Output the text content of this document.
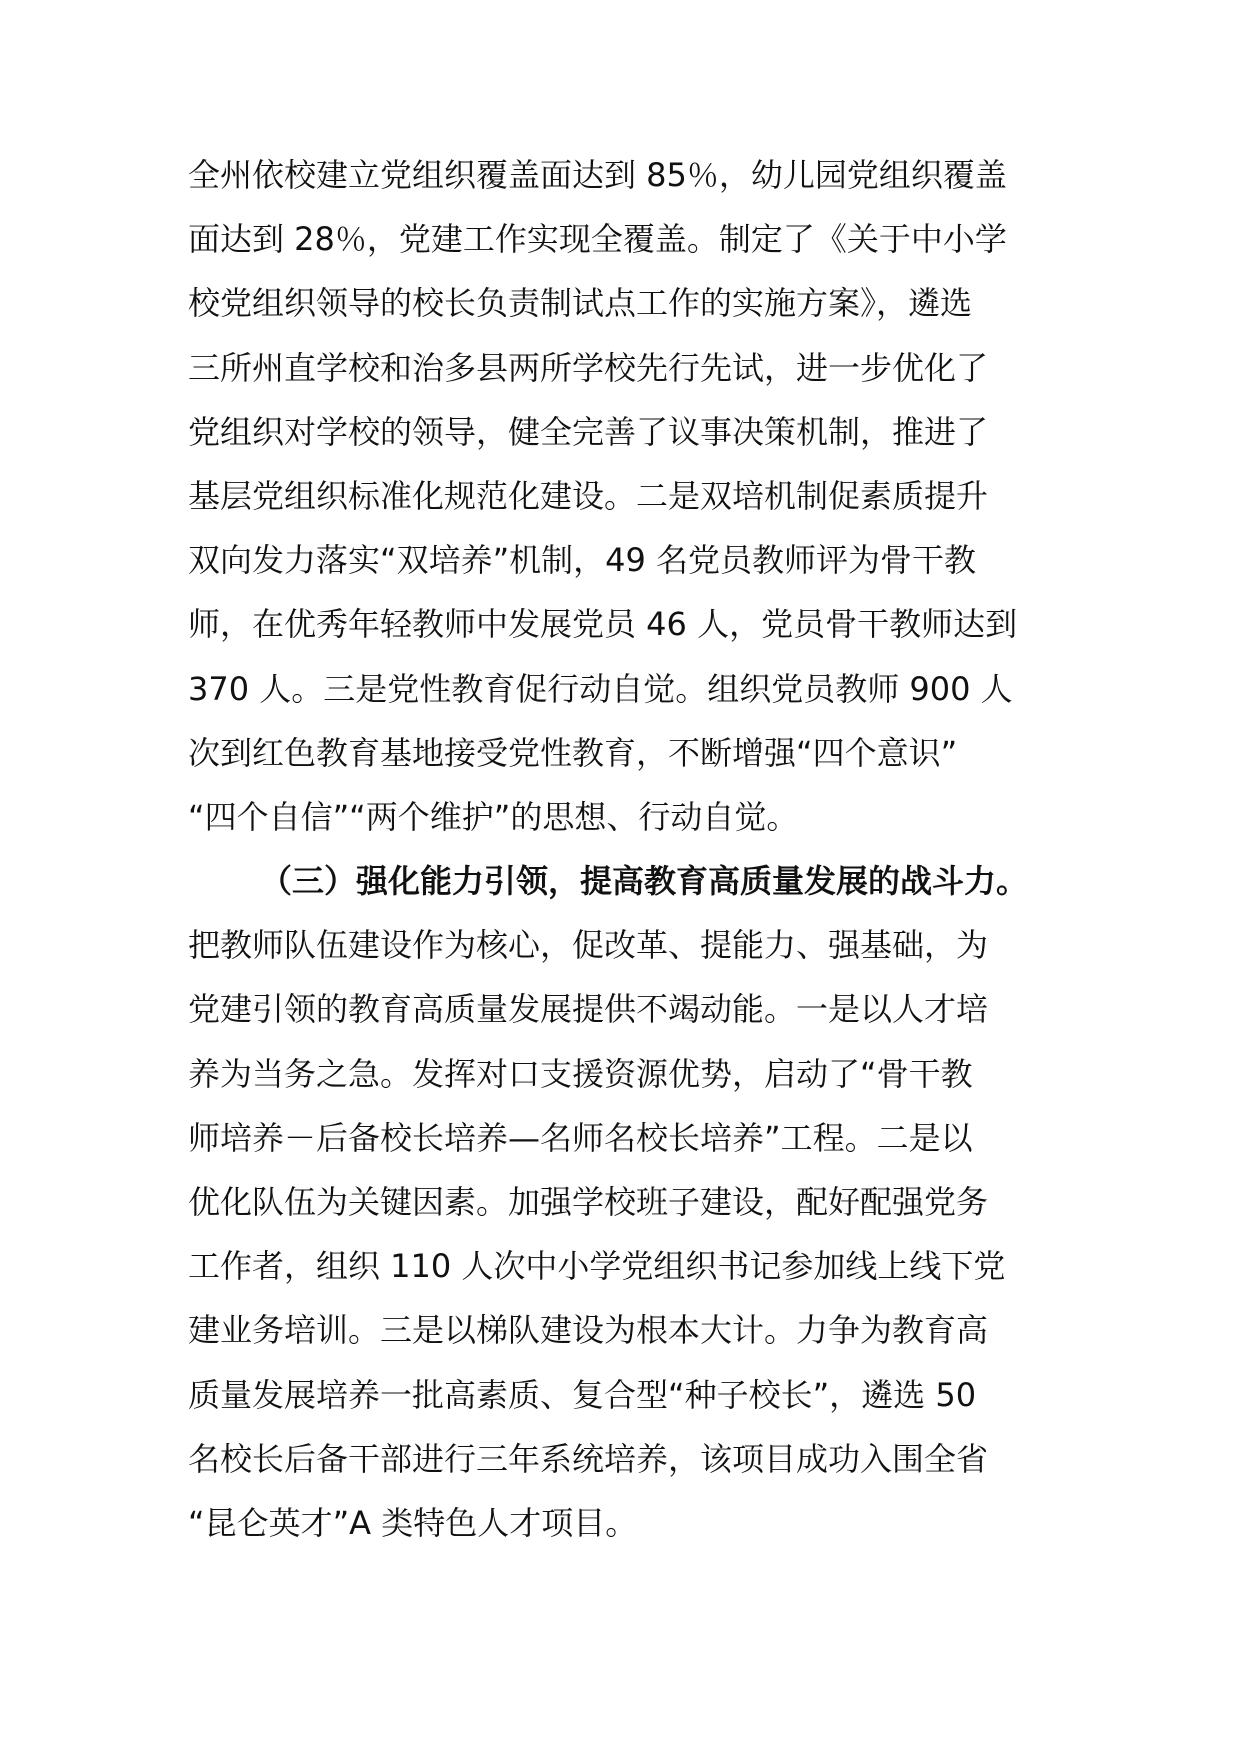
全州依校建立党组织覆盖面达到 85％，幼儿园党组织覆盖
面达到 28％，党建工作实现全覆盖。制定了《关于中小学
校党组织领导的校长负责制试点工作的实施方案》，遴选
三所州直学校和治多县两所学校先行先试，进一步优化了
党组织对学校的领导，健全完善了议事决策机制，推进了
基层党组织标准化规范化建设。二是双培机制促素质提升
双向发力落实“双培养”机制，49 名党员教师评为骨干教
师，在优秀年轻教师中发展党员 46 人，党员骨干教师达到
370 人。三是党性教育促行动自觉。组织党员教师 900 人
次到红色教育基地接受党性教育，不断增强“四个意识”
“四个自信”“两个维护”的思想、行动自觉。
（三）强化能力引领，提高教育高质量发展的战斗力。
把教师队伍建设作为核心，促改革、提能力、强基础，为
党建引领的教育高质量发展提供不竭动能。一是以人才培
养为当务之急。发挥对口支援资源优势，启动了“骨干教
师培养－后备校长培养—名师名校长培养”工程。二是以
优化队伍为关键因素。加强学校班子建设，配好配强党务
工作者，组织 110 人次中小学党组织书记参加线上线下党
建业务培训。三是以梯队建设为根本大计。力争为教育高
质量发展培养一批高素质、复合型“种子校长”，遴选 50
名校长后备干部进行三年系统培养，该项目成功入围全省
“昆仑英才”A 类特色人才项目。
